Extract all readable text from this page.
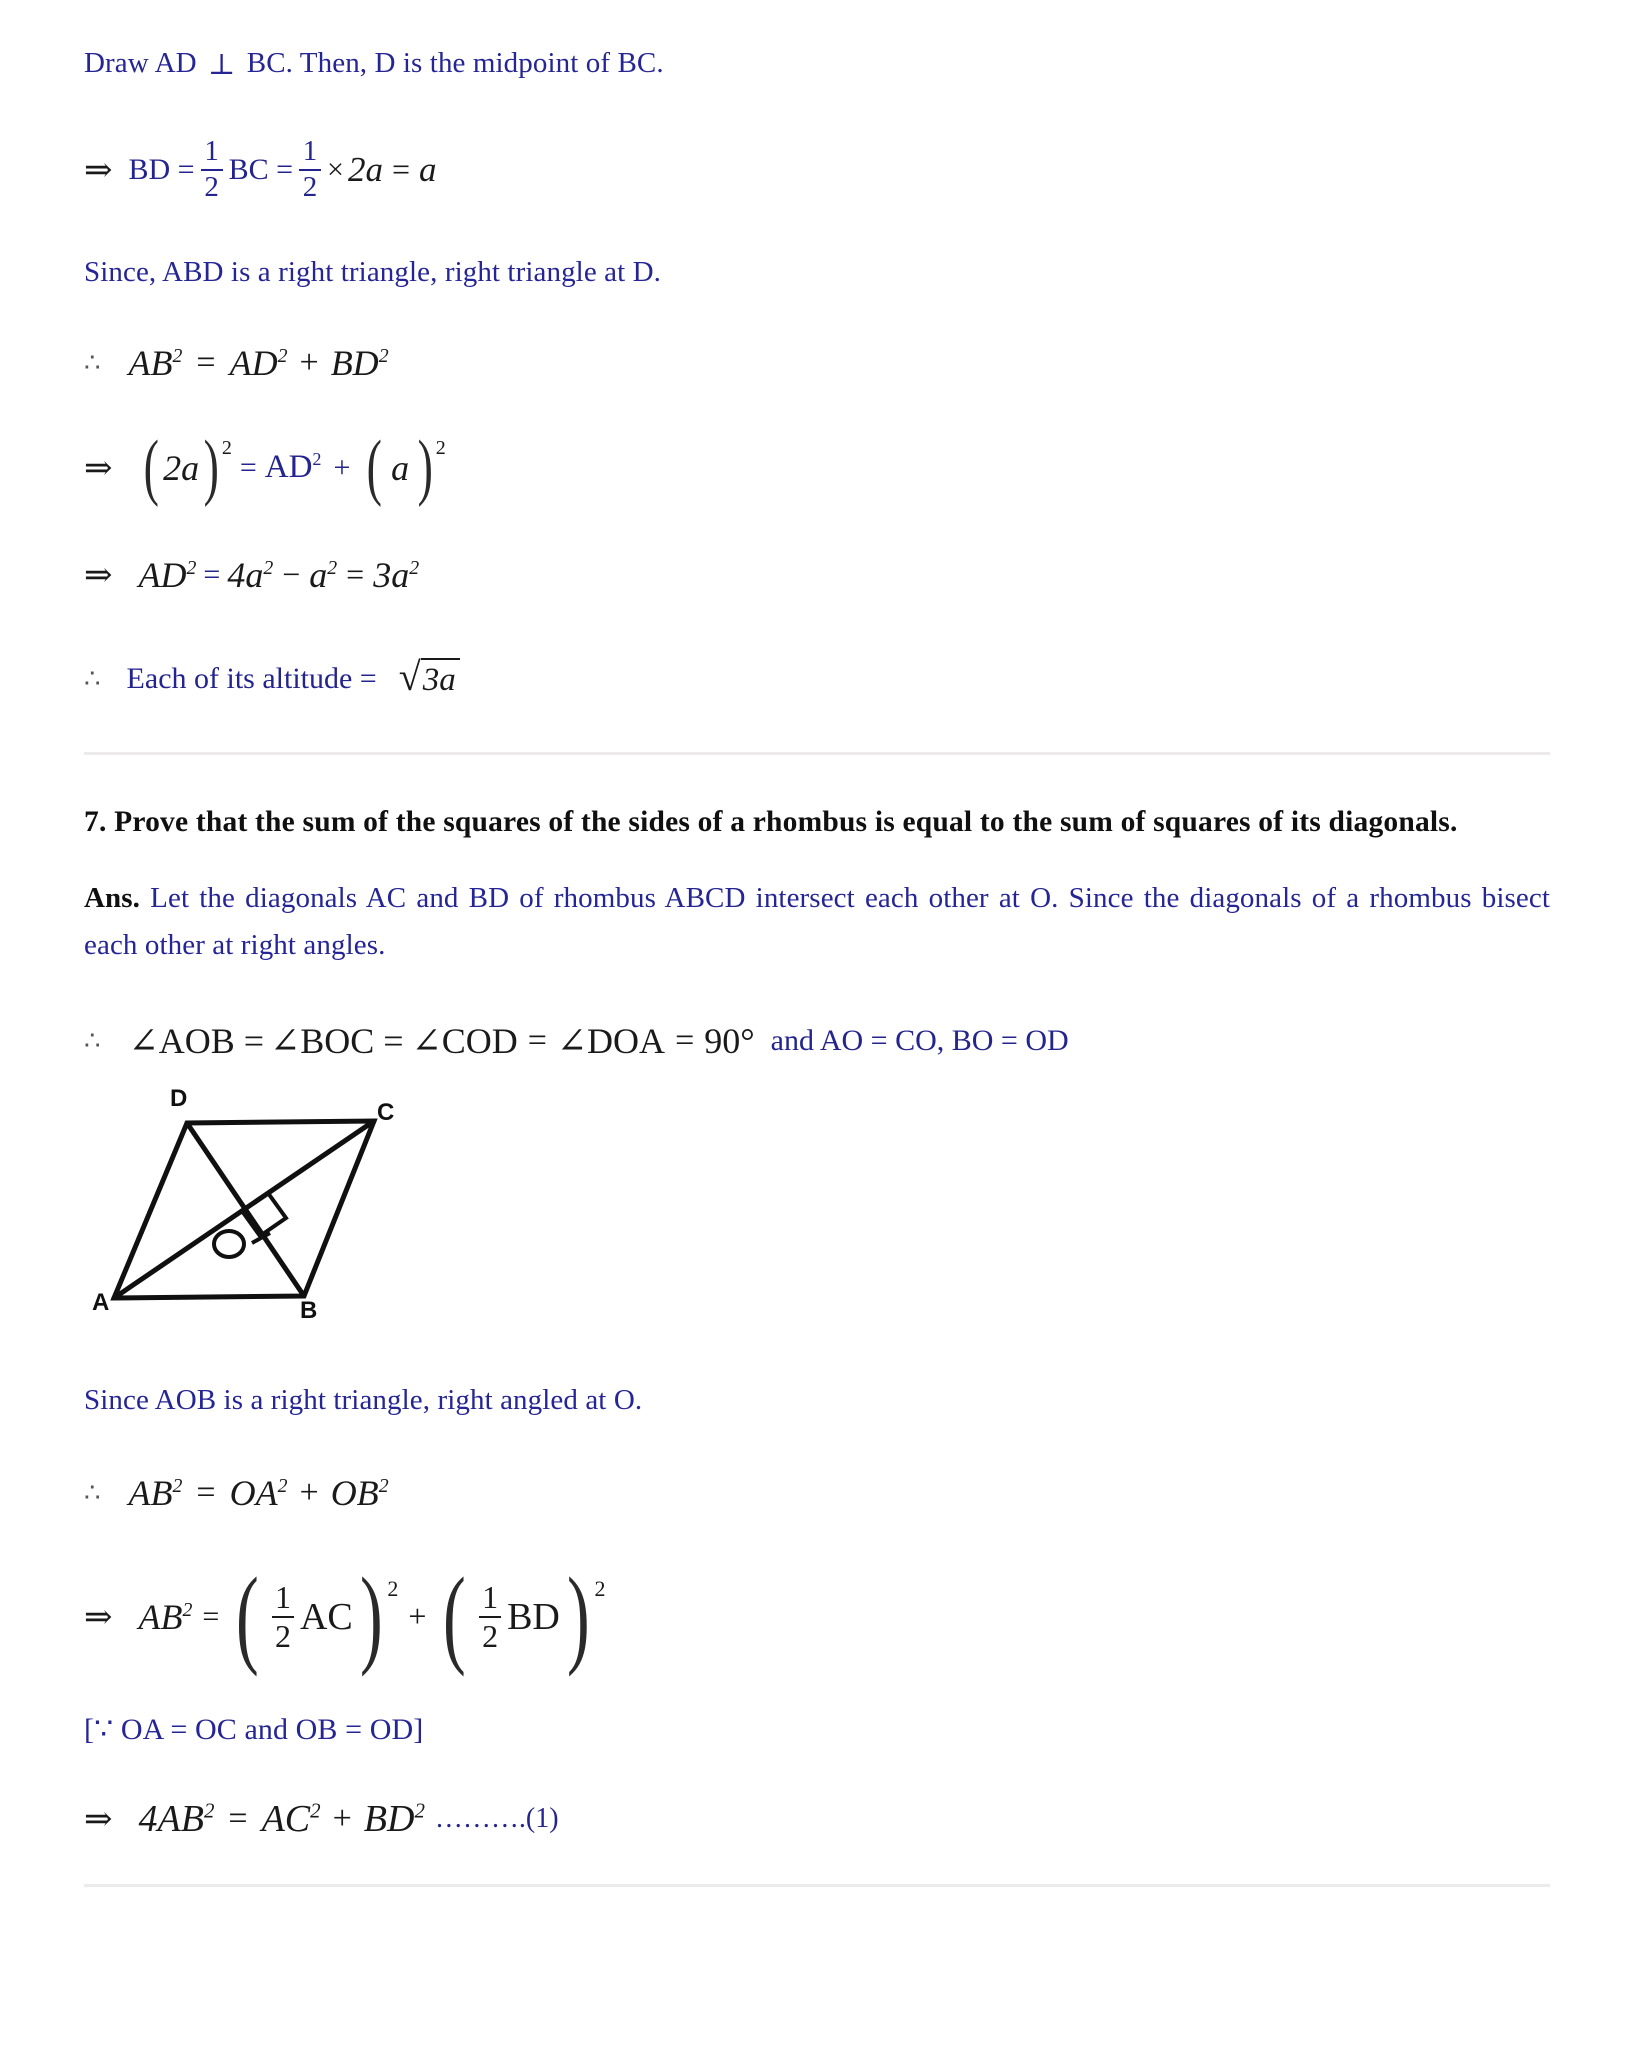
Draw AD ⊥ BC. Then, D is the midpoint of BC.

⇒ BD = $\frac{1}{2}$ BC = $\frac{1}{2} \times 2a = a$

Since, ABD is a right triangle, right triangle at D.

∴ $AB^2 = AD^2 + BD^2$
⇒ ( 2a ) 2
= $AD^2$ + ( a ) 2
⇒ $AD^2 = 4a^2 - a^2 = 3a^2$
∴ Each of its altitude = √ 3a

7. Prove that the sum of the squares of the sides of a rhombus is equal to the sum of squares of its diagonals.

Ans. Let the diagonals AC and BD of rhombus ABCD intersect each other at O. Since the diagonals of a rhombus bisect each other at right angles.

∴ ∠AOB = ∠BOC = ∠COD = ∠DOA = 90° and AO = CO, BO = OD
D
C
A	B

Since AOB is a right triangle, right angled at O.

∴ $AB^2 = OA^2 + OB^2$
⇒ $AB^2$ = ( $\frac{1}{2}$ AC ) 2
+ ( $\frac{1}{2}$ BD ) 2

[∵ OA = OC and OB = OD]

⇒ $4AB^2 = AC^2 + BD^2$ ……….(1)
